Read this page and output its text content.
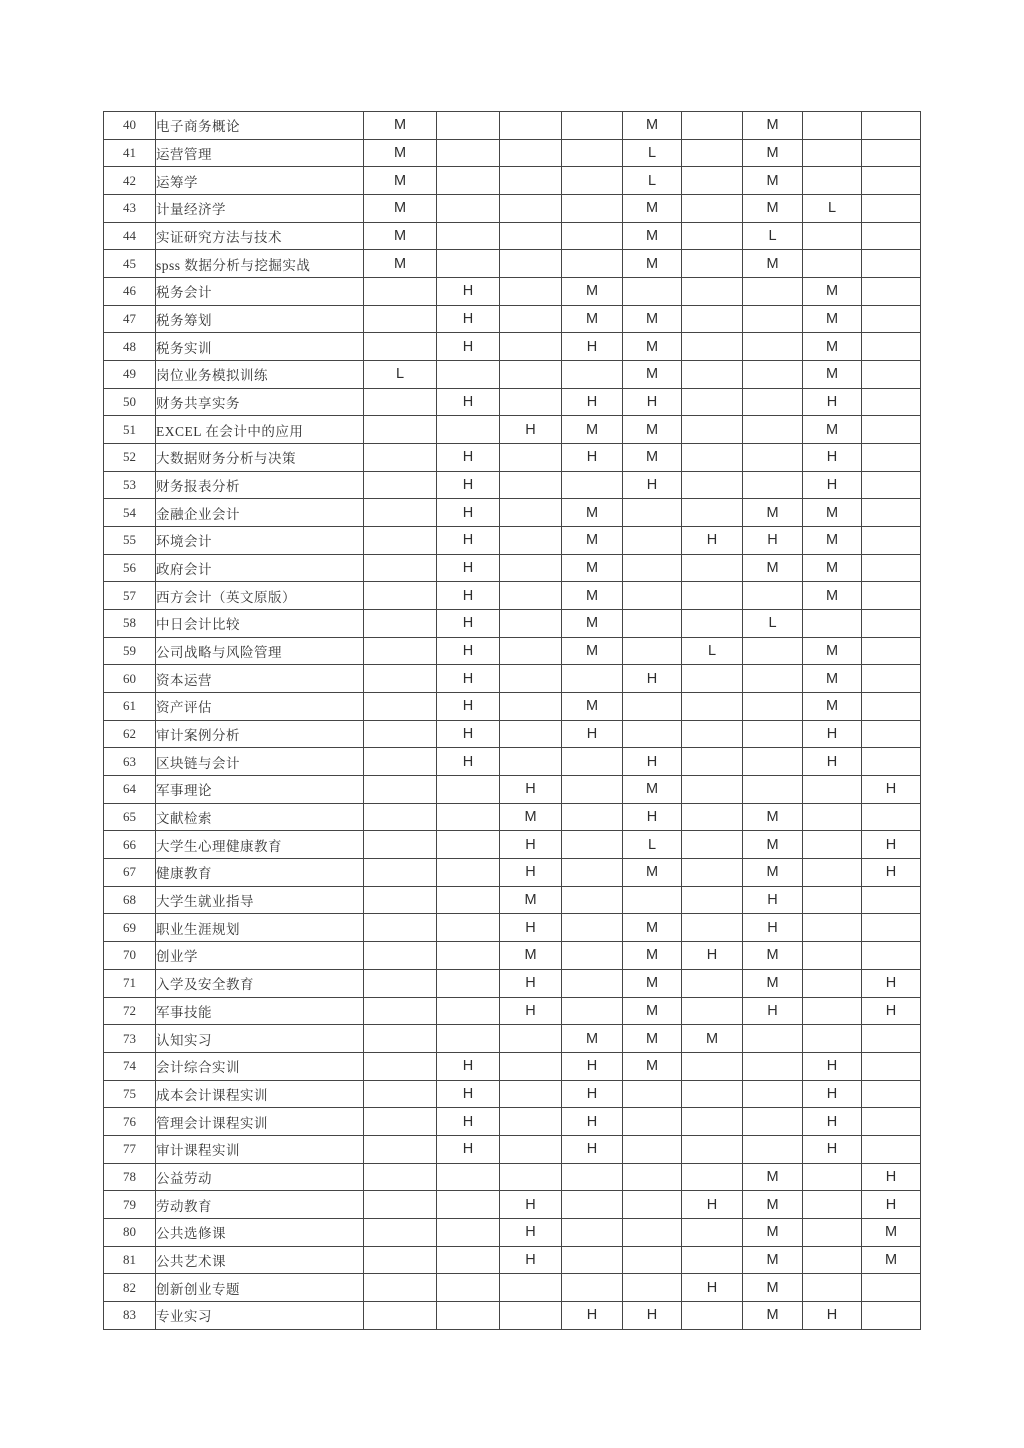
40	电子商务概论	M				M		M		
41	运营管理	M				L		M		
42	运筹学	M				L		M		
43	计量经济学	M				M		M	L	
44	实证研究方法与技术	M				M		L		
45	spss 数据分析与挖掘实战	M				M		M		
46	税务会计		H		M				M	
47	税务筹划		H		M	M			M	
48	税务实训		H		H	M			M	
49	岗位业务模拟训练	L				M			M	
50	财务共享实务		H		H	H			H	
51	EXCEL 在会计中的应用			H	M	M			M	
52	大数据财务分析与决策		H		H	M			H	
53	财务报表分析		H			H			H	
54	金融企业会计		H		M			M	M	
55	环境会计		H		M		H	H	M	
56	政府会计		H		M			M	M	
57	西方会计（英文原版）		H		M				M	
58	中日会计比较		H		M			L		
59	公司战略与风险管理		H		M		L		M	
60	资本运营		H			H			M	
61	资产评估		H		M				M	
62	审计案例分析		H		H				H	
63	区块链与会计		H			H			H	
64	军事理论			H		M				H
65	文献检索			M		H		M		
66	大学生心理健康教育			H		L		M		H
67	健康教育			H		M		M		H
68	大学生就业指导			M				H		
69	职业生涯规划			H		M		H		
70	创业学			M		M	H	M		
71	入学及安全教育			H		M		M		H
72	军事技能			H		M		H		H
73	认知实习				M	M	M			
74	会计综合实训		H		H	M			H	
75	成本会计课程实训		H		H				H	
76	管理会计课程实训		H		H				H	
77	审计课程实训		H		H				H	
78	公益劳动							M		H
79	劳动教育			H			H	M		H
80	公共选修课			H				M		M
81	公共艺术课			H				M		M
82	创新创业专题						H	M		
83	专业实习				H	H		M	H	
